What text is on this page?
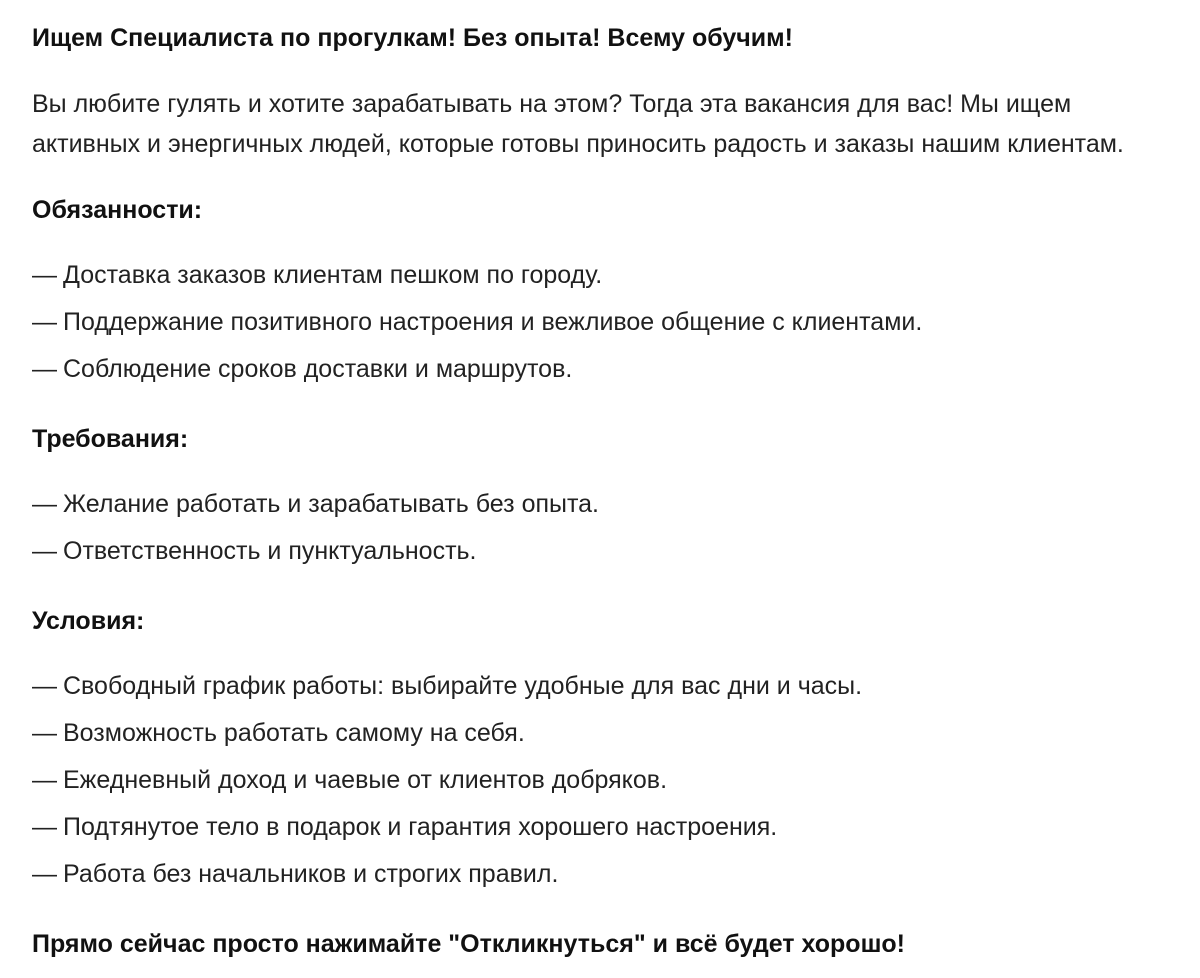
Ищем Специалиста по прогулкам! Без опыта! Всему обучим!
Вы любите гулять и хотите зарабатывать на этом? Тогда эта вакансия для вас! Мы ищем активных и энергичных людей, которые готовы приносить радость и заказы нашим клиентам.
Обязанности:
— Доставка заказов клиентам пешком по городу.
— Поддержание позитивного настроения и вежливое общение с клиентами.
— Соблюдение сроков доставки и маршрутов.
Требования:
— Желание работать и зарабатывать без опыта.
— Ответственность и пунктуальность.
Условия:
— Свободный график работы: выбирайте удобные для вас дни и часы.
— Возможность работать самому на себя.
— Ежедневный доход и чаевые от клиентов добряков.
— Подтянутое тело в подарок и гарантия хорошего настроения.
— Работа без начальников и строгих правил.
Прямо сейчас просто нажимайте "Откликнуться" и всё будет хорошо!
